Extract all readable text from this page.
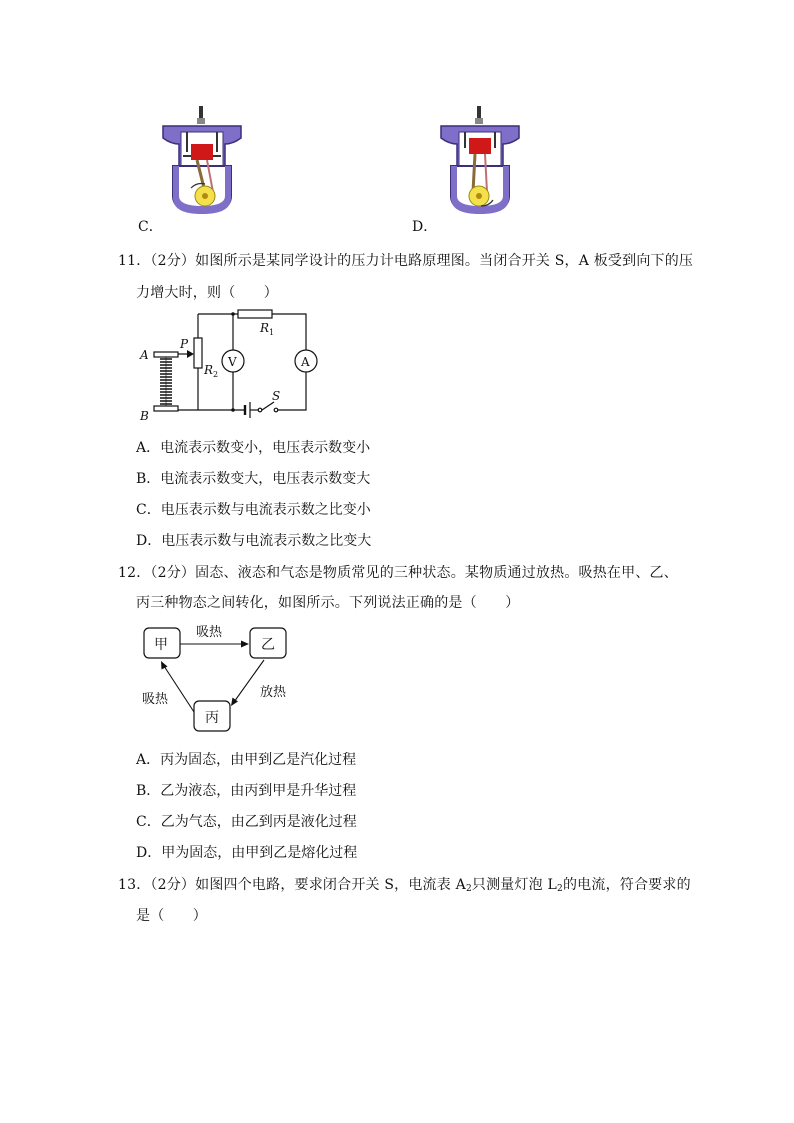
C．	D．
11．（2分）如图所示是某同学设计的压力计电路原理图。当闭合开关 S，A 板受到向下的压
力增大时，则（　　）
A
B
P
$R_1$
$R_2$
S
V	A
A．电流表示数变小，电压表示数变小
B．电流表示数变大，电压表示数变大
C．电压表示数与电流表示数之比变小
D．电压表示数与电流表示数之比变大
12．（2分）固态、液态和气态是物质常见的三种状态。某物质通过放热。吸热在甲、乙、
丙三种物态之间转化，如图所示。下列说法正确的是（　　）
甲	乙
丙
吸热
放热
吸热
A．丙为固态，由甲到乙是汽化过程
B．乙为液态，由丙到甲是升华过程
C．乙为气态，由乙到丙是液化过程
D．甲为固态，由甲到乙是熔化过程
13．（2分）如图四个电路，要求闭合开关 S，电流表 $A_2$只测量灯泡 $L_2$的电流，符合要求的
是（　　）
